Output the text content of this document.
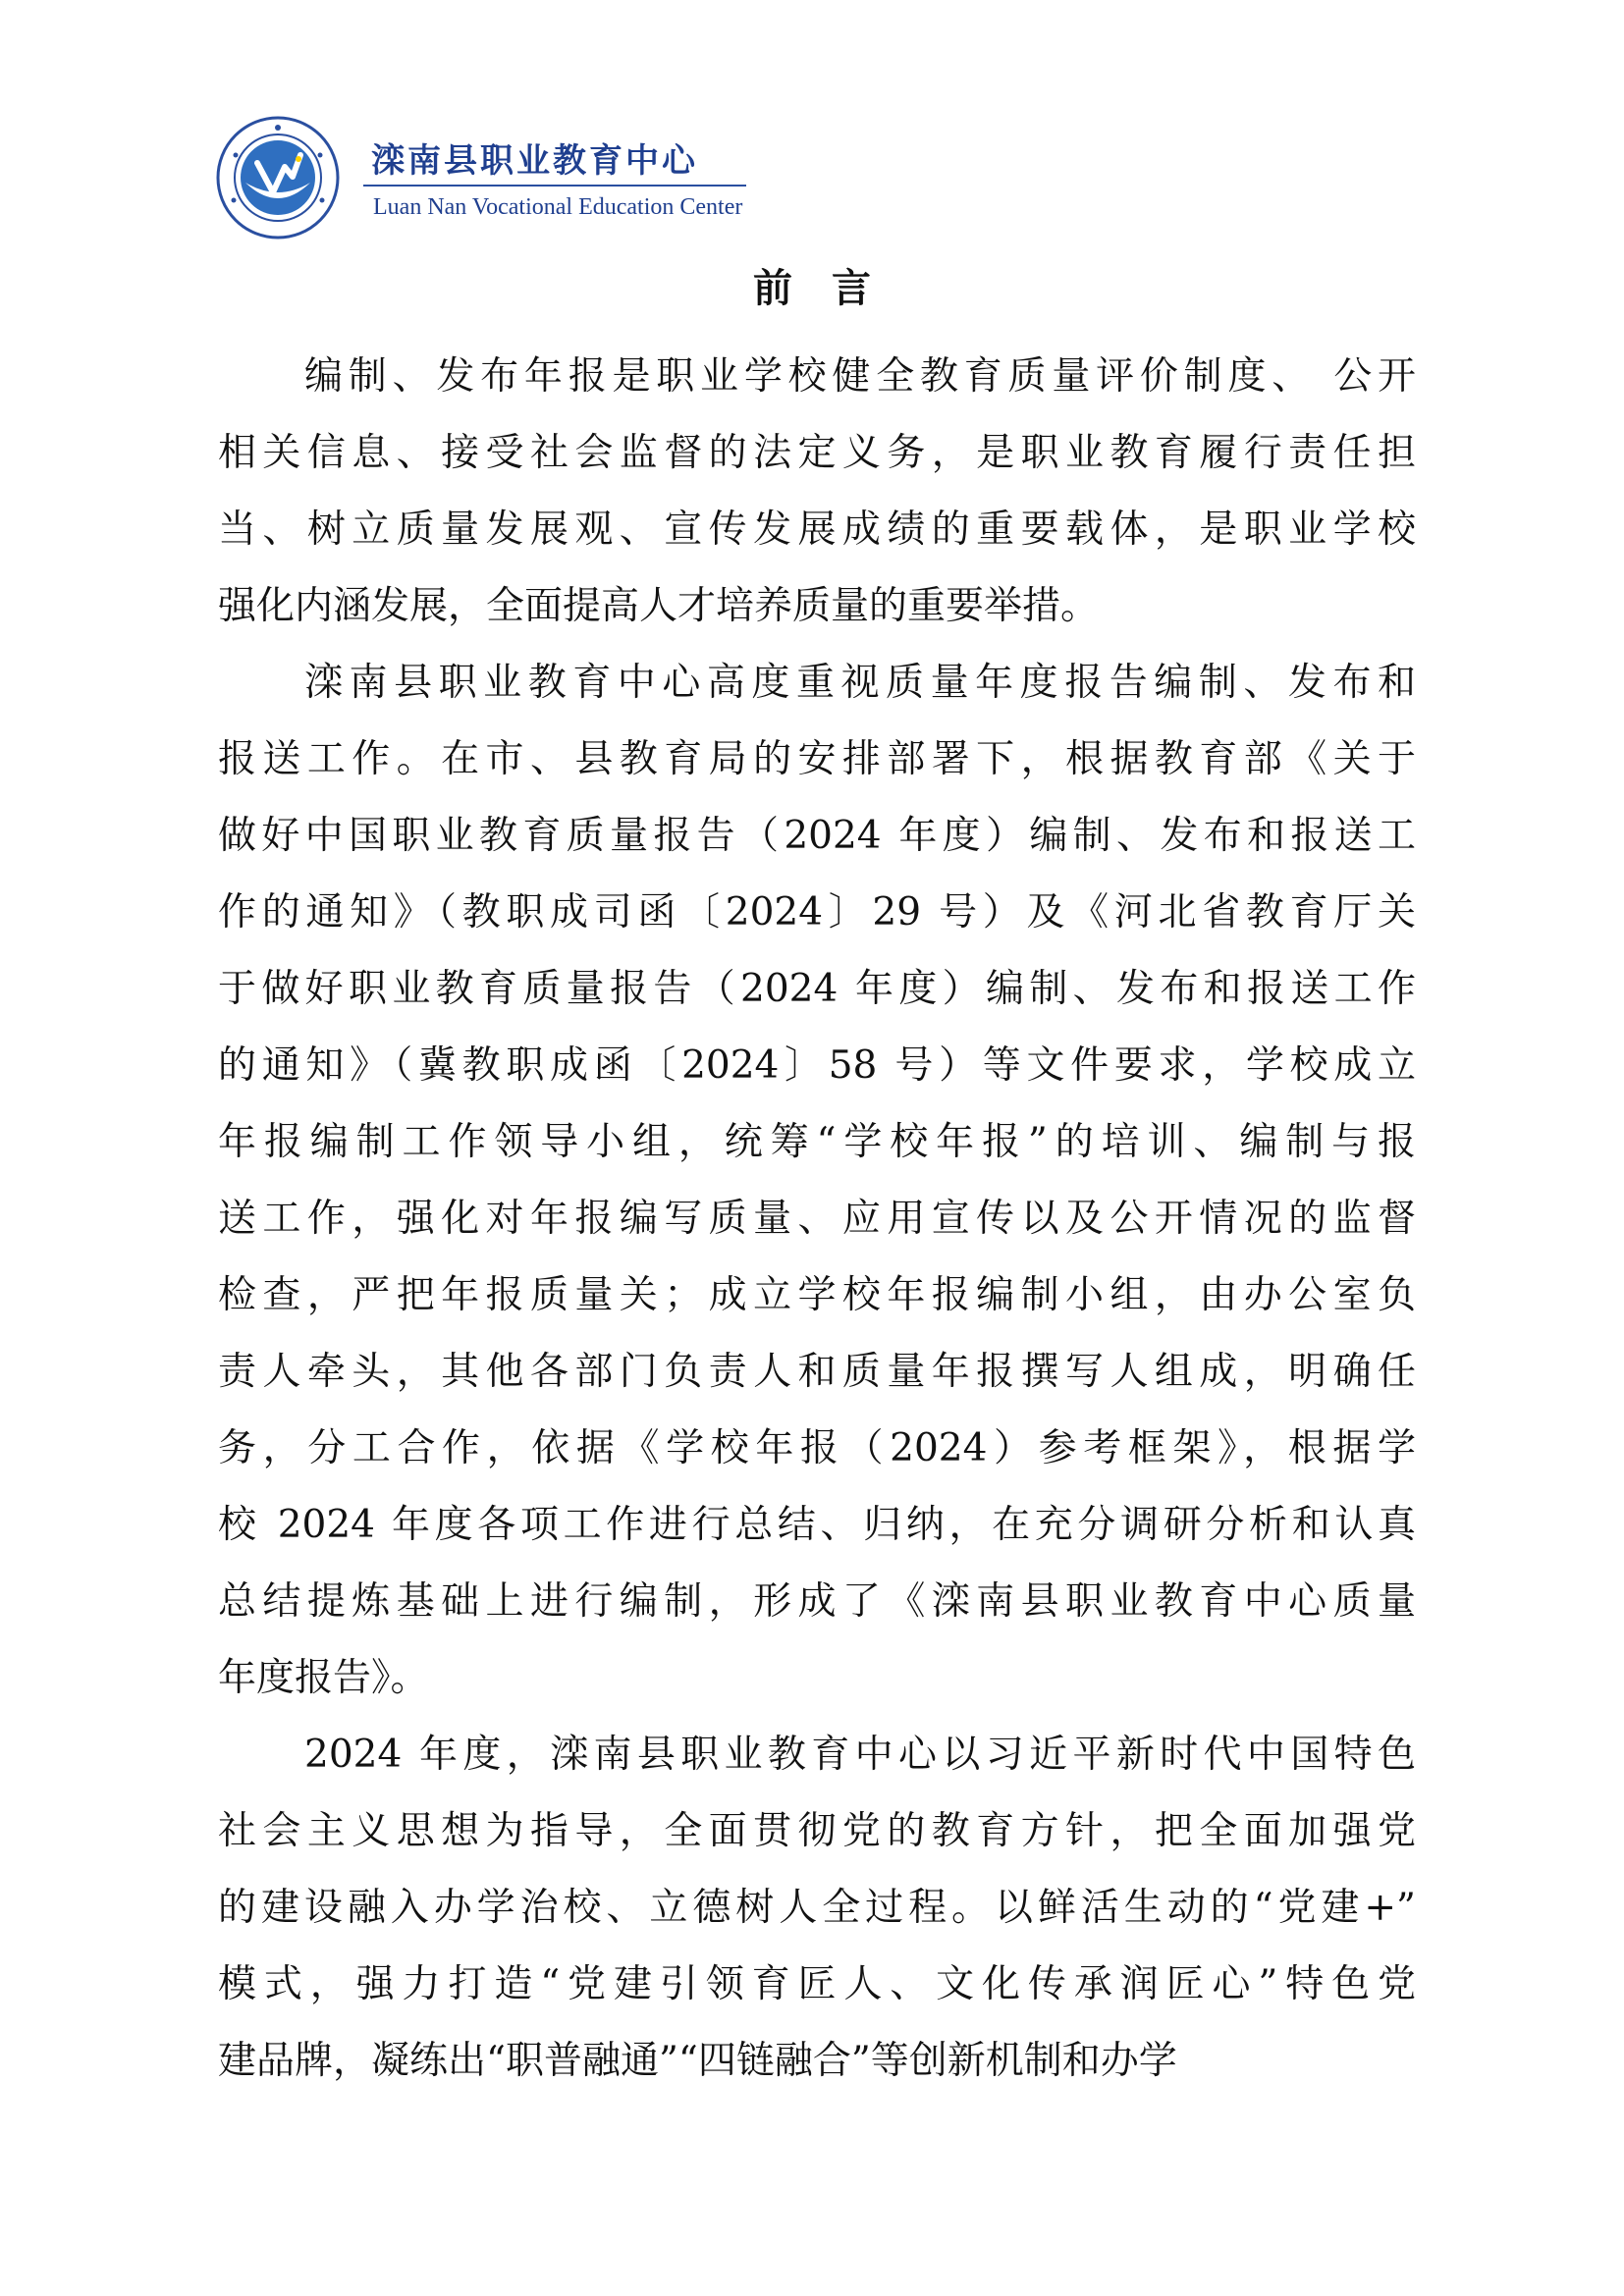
滦南县职业教育中心
Luan Nan Vocational Education Center
前言
编制、发布年报是职业学校健全教育质量评价制度、 公开
相关信息、接受社会监督的法定义务，是职业教育履行责任担
当、树立质量发展观、宣传发展成绩的重要载体，是职业学校
强化内涵发展，全面提高人才培养质量的重要举措。
滦南县职业教育中心高度重视质量年度报告编制、发布和
报送工作。在市、县教育局的安排部署下，根据教育部《关于
做好中国职业教育质量报告（2024 年度）编制、发布和报送工
作的通知》（教职成司函〔2024〕29 号）及《河北省教育厅关
于做好职业教育质量报告（2024 年度）编制、发布和报送工作
的通知》（冀教职成函〔2024〕58 号）等文件要求，学校成立
年报编制工作领导小组，统筹“学校年报”的培训、编制与报
送工作，强化对年报编写质量、应用宣传以及公开情况的监督
检查，严把年报质量关；成立学校年报编制小组，由办公室负
责人牵头，其他各部门负责人和质量年报撰写人组成，明确任
务，分工合作，依据《学校年报（2024）参考框架》，根据学
校 2024 年度各项工作进行总结、归纳，在充分调研分析和认真
总结提炼基础上进行编制，形成了《滦南县职业教育中心质量
年度报告》。
2024 年度，滦南县职业教育中心以习近平新时代中国特色
社会主义思想为指导，全面贯彻党的教育方针，把全面加强党
的建设融入办学治校、立德树人全过程。以鲜活生动的“党建+”
模式，强力打造“党建引领育匠人、文化传承润匠心”特色党
建品牌，凝练出“职普融通”“四链融合”等创新机制和办学
